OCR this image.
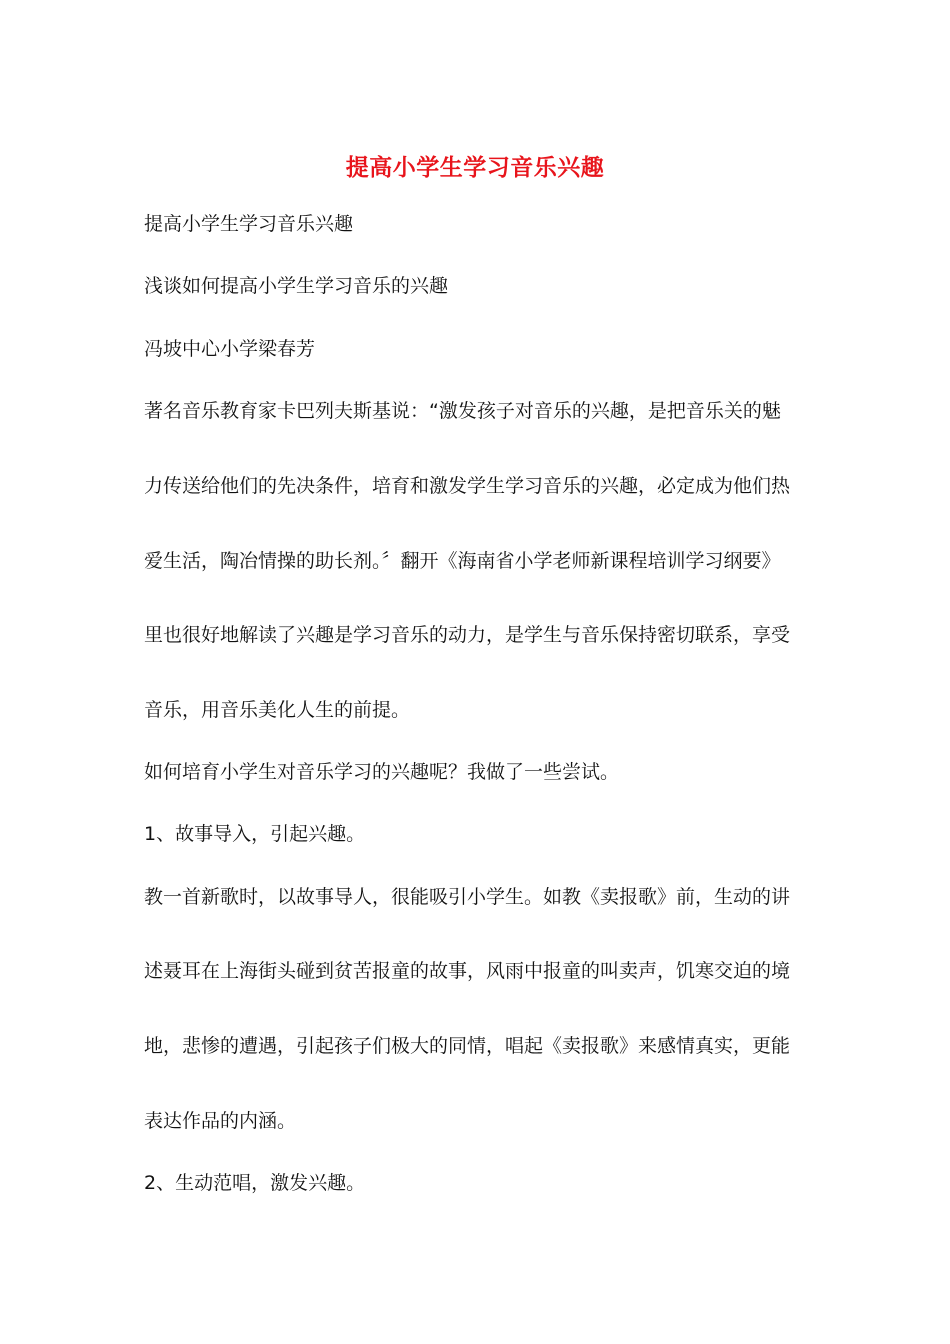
提高小学生学习音乐兴趣
提高小学生学习音乐兴趣
浅谈如何提高小学生学习音乐的兴趣
冯坡中心小学梁春芳
著名音乐教育家卡巴列夫斯基说：“激发孩子对音乐的兴趣，是把音乐关的魅
力传送给他们的先决条件，培育和激发学生学习音乐的兴趣，必定成为他们热
爱生活，陶冶情操的助长剂。〞翻开《海南省小学老师新课程培训学习纲要》
里也很好地解读了兴趣是学习音乐的动力，是学生与音乐保持密切联系，享受
音乐，用音乐美化人生的前提。
如何培育小学生对音乐学习的兴趣呢？我做了一些尝试。
1、故事导入，引起兴趣。
教一首新歌时，以故事导人，很能吸引小学生。如教《卖报歌》前，生动的讲
述聂耳在上海街头碰到贫苦报童的故事，风雨中报童的叫卖声，饥寒交迫的境
地，悲惨的遭遇，引起孩子们极大的同情，唱起《卖报歌》来感情真实，更能
表达作品的内涵。
2、生动范唱，激发兴趣。
